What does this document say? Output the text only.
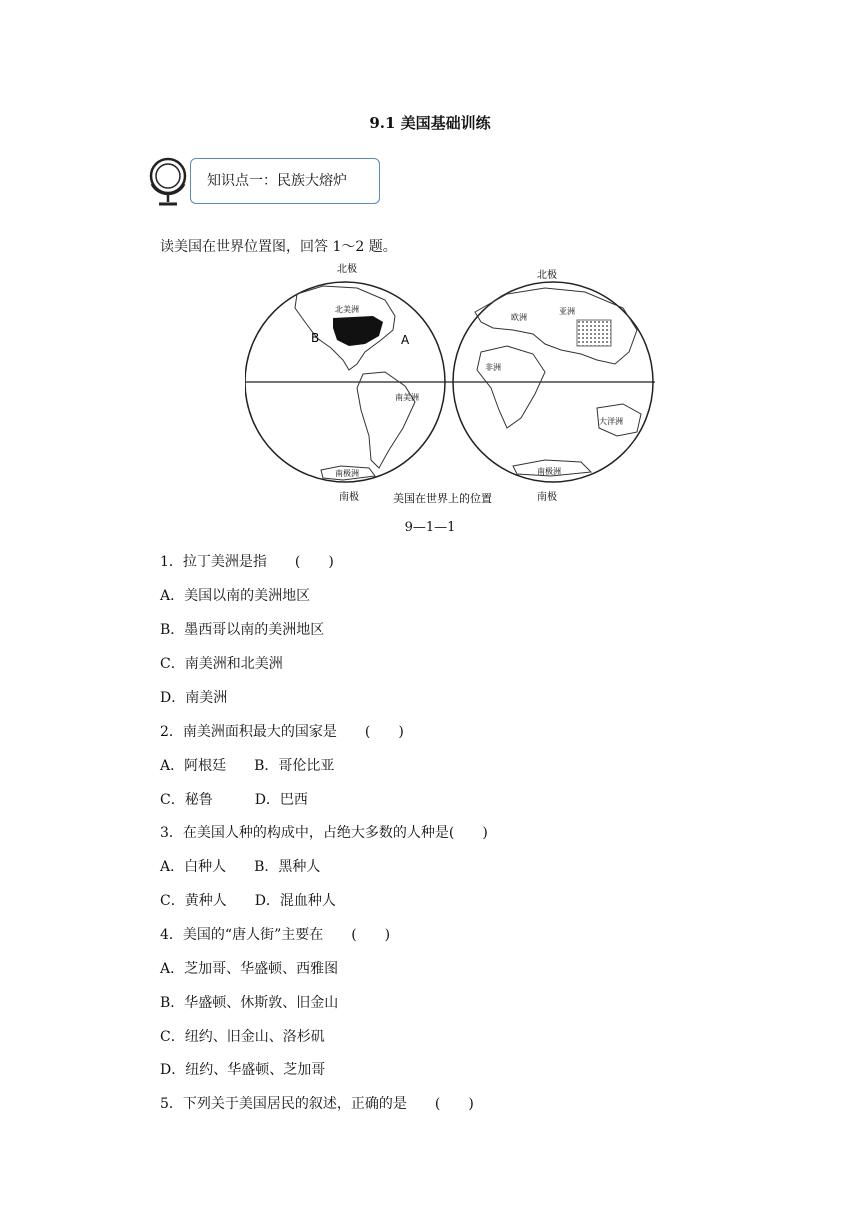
9.1 美国基础训练
知识点一：民族大熔炉
读美国在世界位置图，回答 1～2 题。
北极
北极
南极	南极
北美洲
南美洲
非洲
欧洲
亚洲
大洋洲
南极洲
南极洲
B	A
美国在世界上的位置
9—1—1
1．拉丁美洲是指　　(　　)
A．美国以南的美洲地区
B．墨西哥以南的美洲地区
C．南美洲和北美洲
D．南美洲
2．南美洲面积最大的国家是　　(　　)
A．阿根廷　　B．哥伦比亚
C．秘鲁　　　D．巴西
3．在美国人种的构成中，占绝大多数的人种是(　　)
A．白种人　　B．黑种人
C．黄种人　　D．混血种人
4．美国的“唐人街”主要在　　(　　)
A．芝加哥、华盛顿、西雅图
B．华盛顿、休斯敦、旧金山
C．纽约、旧金山、洛杉矶
D．纽约、华盛顿、芝加哥
5．下列关于美国居民的叙述，正确的是　　(　　)
